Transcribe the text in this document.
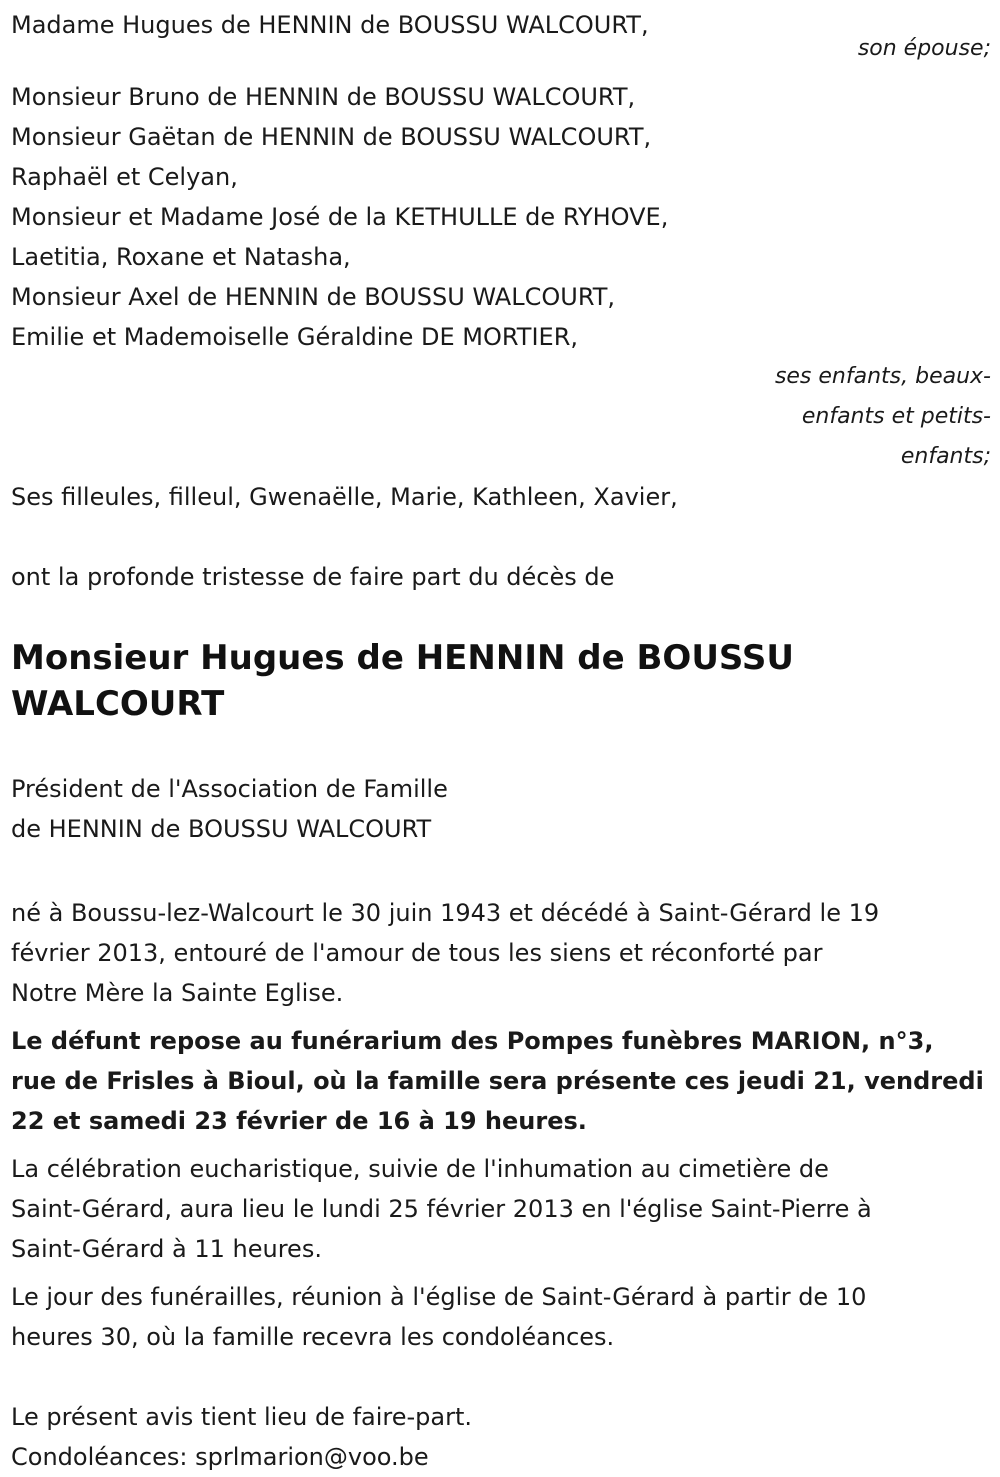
Madame Hugues de HENNIN de BOUSSU WALCOURT,
son épouse;
Monsieur Bruno de HENNIN de BOUSSU WALCOURT,
Monsieur Gaëtan de HENNIN de BOUSSU WALCOURT,
Raphaël et Celyan,
Monsieur et Madame José de la KETHULLE de RYHOVE,
Laetitia, Roxane et Natasha,
Monsieur Axel de HENNIN de BOUSSU WALCOURT,
Emilie et Mademoiselle Géraldine DE MORTIER,
ses enfants, beaux-
enfants et petits-
enfants;
Ses filleules, filleul, Gwenaëlle, Marie, Kathleen, Xavier,
ont la profonde tristesse de faire part du décès de
Monsieur Hugues de HENNIN de BOUSSU
WALCOURT
Président de l'Association de Famille
de HENNIN de BOUSSU WALCOURT

né à Boussu-lez-Walcourt le 30 juin 1943 et décédé à Saint-Gérard le 19
février 2013, entouré de l'amour de tous les siens et réconforté par
Notre Mère la Sainte Eglise.

Le défunt repose au funérarium des Pompes funèbres MARION, n°3,
rue de Frisles à Bioul, où la famille sera présente ces jeudi 21, vendredi
22 et samedi 23 février de 16 à 19 heures.

La célébration eucharistique, suivie de l'inhumation au cimetière de
Saint-Gérard, aura lieu le lundi 25 février 2013 en l'église Saint-Pierre à
Saint-Gérard à 11 heures.

Le jour des funérailles, réunion à l'église de Saint-Gérard à partir de 10
heures 30, où la famille recevra les condoléances.

Le présent avis tient lieu de faire-part.
Condoléances: sprlmarion@voo.be
